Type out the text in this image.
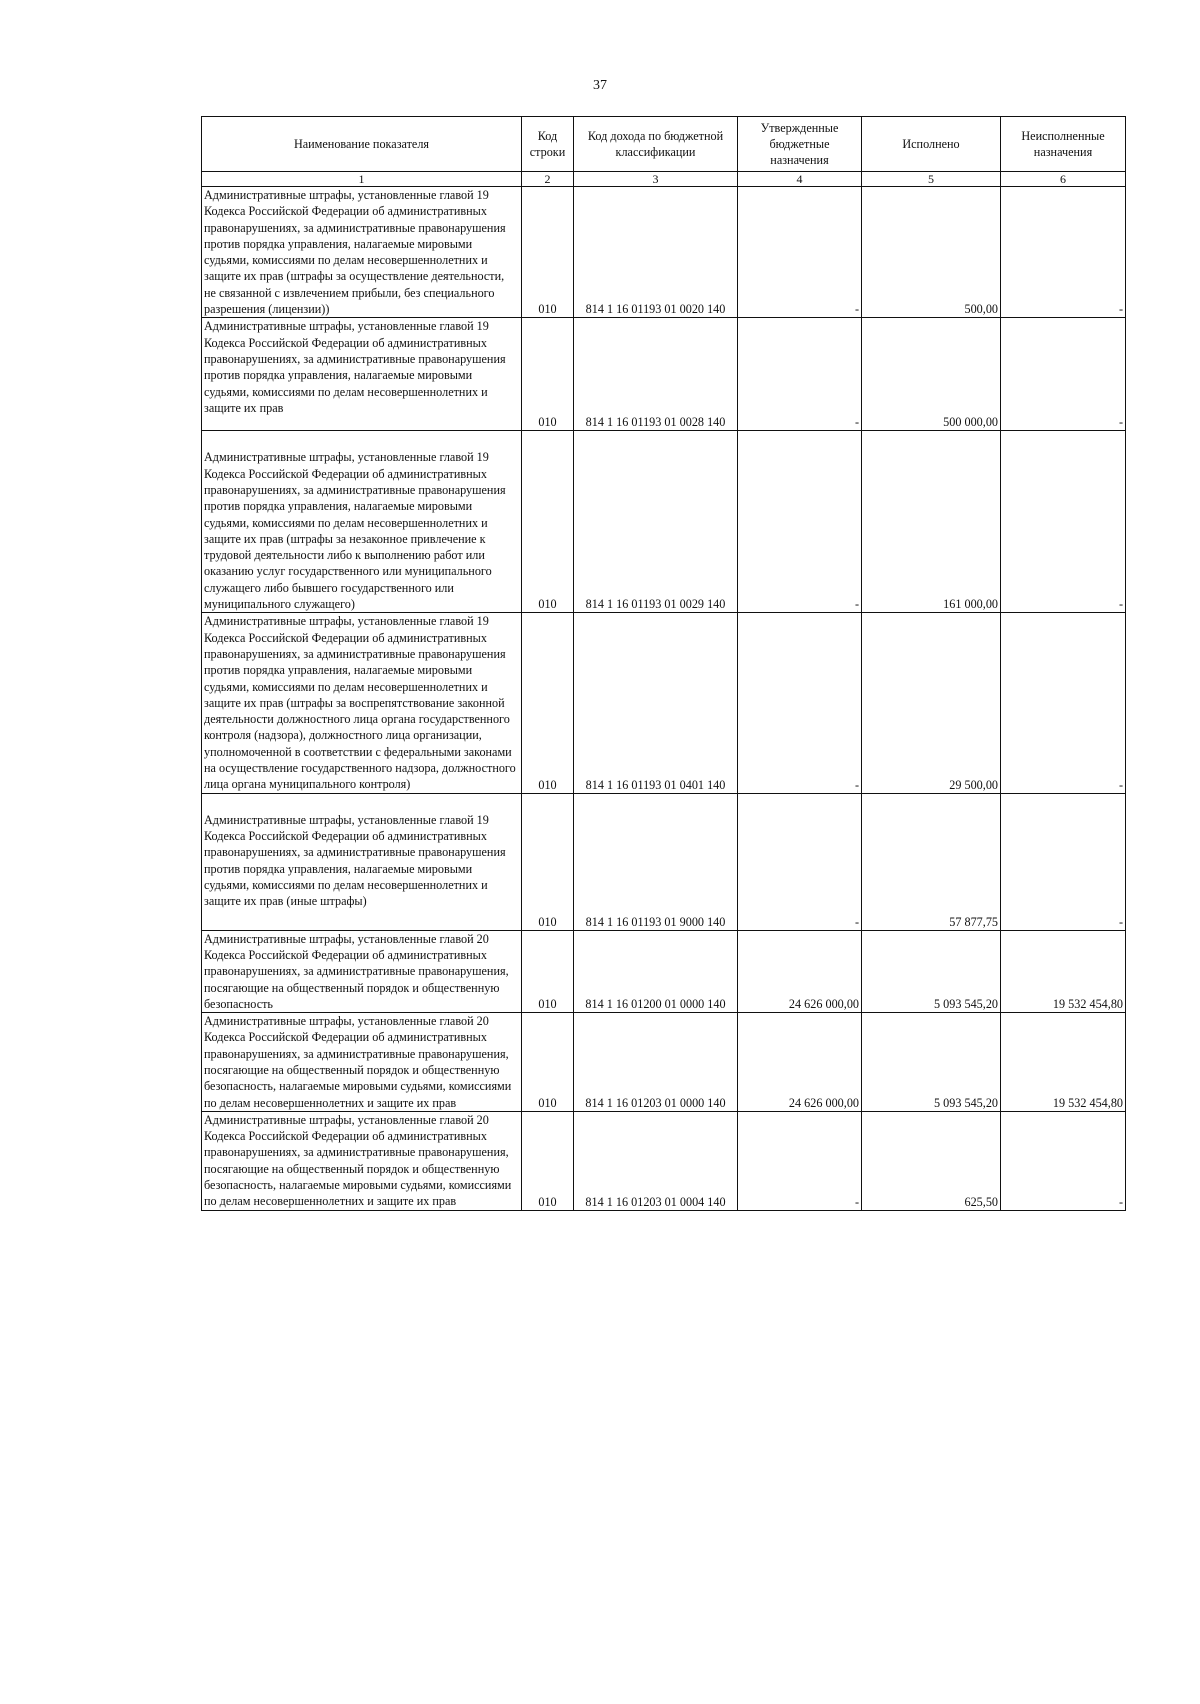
37
Наименование показателя	Код строки	Код дохода по бюджетной классификации	Утвержденные бюджетные назначения	Исполнено	Неисполненные назначения
1	2	3	4	5	6
Административные штрафы, установленные главой 19 Кодекса Российской Федерации об административных правонарушениях, за административные правонарушения против порядка управления, налагаемые мировыми судьями, комиссиями по делам несовершеннолетних и защите их прав (штрафы за осуществление деятельности, не связанной с извлечением прибыли, без специального разрешения (лицензии))	010	814 1 16 01193 01 0020 140	-	500,00	-
Административные штрафы, установленные главой 19 Кодекса Российской Федерации об административных правонарушениях, за административные правонарушения против порядка управления, налагаемые мировыми судьями, комиссиями по делам несовершеннолетних и защите их прав	010	814 1 16 01193 01 0028 140	-	500 000,00	-
Административные штрафы, установленные главой 19 Кодекса Российской Федерации об административных правонарушениях, за административные правонарушения против порядка управления, налагаемые мировыми судьями, комиссиями по делам несовершеннолетних и защите их прав (штрафы за незаконное привлечение к трудовой деятельности либо к выполнению работ или оказанию услуг государственного или муниципального служащего либо бывшего государственного или муниципального служащего)	010	814 1 16 01193 01 0029 140	-	161 000,00	-
Административные штрафы, установленные главой 19 Кодекса Российской Федерации об административных правонарушениях, за административные правонарушения против порядка управления, налагаемые мировыми судьями, комиссиями по делам несовершеннолетних и защите их прав (штрафы за воспрепятствование законной деятельности должностного лица органа государственного контроля (надзора), должностного лица организации, уполномоченной в соответствии с федеральными законами на осуществление государственного надзора, должностного лица органа муниципального контроля)	010	814 1 16 01193 01 0401 140	-	29 500,00	-
Административные штрафы, установленные главой 19 Кодекса Российской Федерации об административных правонарушениях, за административные правонарушения против порядка управления, налагаемые мировыми судьями, комиссиями по делам несовершеннолетних и защите их прав (иные штрафы)	010	814 1 16 01193 01 9000 140	-	57 877,75	-
Административные штрафы, установленные главой 20 Кодекса Российской Федерации об административных правонарушениях, за административные правонарушения, посягающие на общественный порядок и общественную безопасность	010	814 1 16 01200 01 0000 140	24 626 000,00	5 093 545,20	19 532 454,80
Административные штрафы, установленные главой 20 Кодекса Российской Федерации об административных правонарушениях, за административные правонарушения, посягающие на общественный порядок и общественную безопасность, налагаемые мировыми судьями, комиссиями по делам несовершеннолетних и защите их прав	010	814 1 16 01203 01 0000 140	24 626 000,00	5 093 545,20	19 532 454,80
Административные штрафы, установленные главой 20 Кодекса Российской Федерации об административных правонарушениях, за административные правонарушения, посягающие на общественный порядок и общественную безопасность, налагаемые мировыми судьями, комиссиями по делам несовершеннолетних и защите их прав	010	814 1 16 01203 01 0004 140	-	625,50	-
